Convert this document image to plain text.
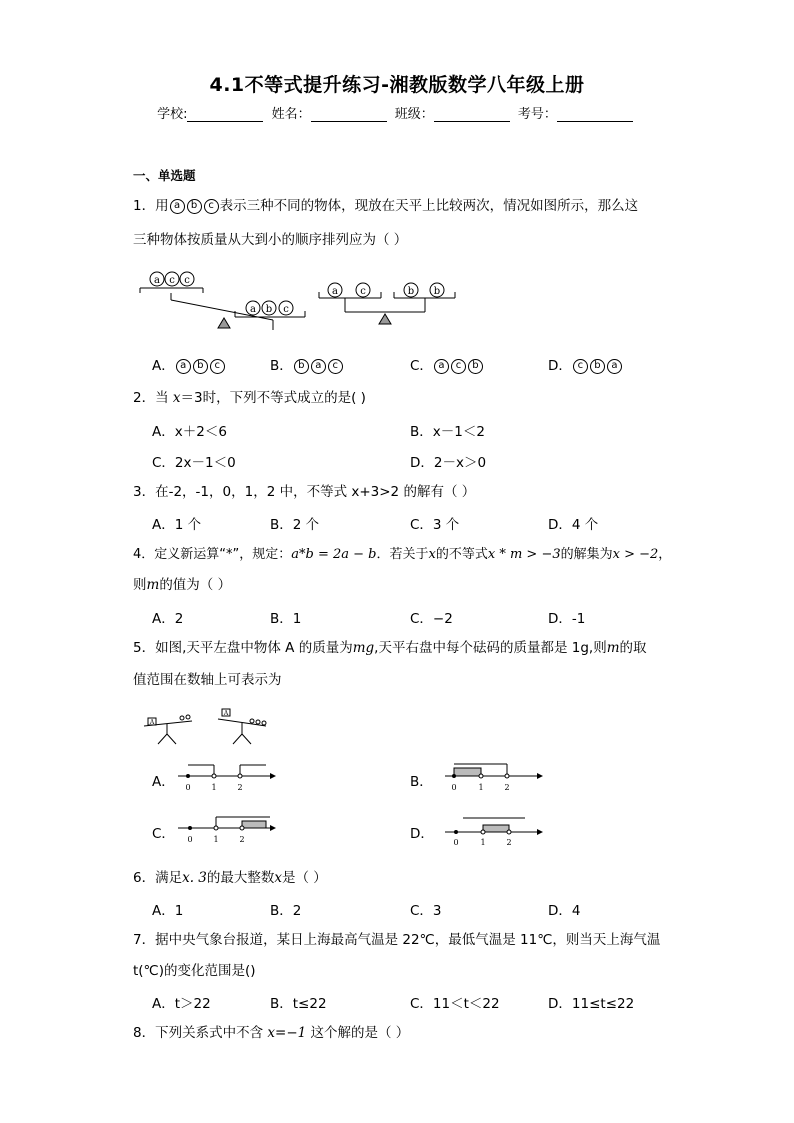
4.1不等式提升练习-湘教版数学八年级上册
学校:	姓名：	班级：	考号：
一、单选题
1．用 a b c 表示三种不同的物体，现放在天平上比较两次，情况如图所示，那么这
三种物体按质量从大到小的顺序排列应为（ ）
a c c
a b c
a c	b b
A． a b c	B． b a c	C． a c b	D． c b a
2．当 x＝3时，下列不等式成立的是( )
A．x＋2＜6	B．x－1＜2
C．2x－1＜0	D．2－x＞0
3．在-2，-1，0，1，2 中，不等式 x+3>2 的解有（ ）
A．1 个	B．2 个	C．3 个	D．4 个
4．定义新运算“*”，规定：a*b = 2a − b．若关于x的不等式x * m > −3的解集为x > −2，
则m的值为（ ）
A．2	B．1	C．−2	D．-1
5．如图,天平左盘中物体 A 的质量为mg,天平右盘中每个砝码的质量都是 1g,则m的取
值范围在数轴上可表示为
A
A
A． 0	1	2	B． 0	1	2
C． 0	1	2	D．
0	1	2
6．满足x. 3的最大整数x是（ ）
A．1	B．2	C．3	D．4
7．据中央气象台报道，某日上海最高气温是 22℃，最低气温是 11℃，则当天上海气温
t(℃)的变化范围是()
A．t＞22	B．t≤22	C．11＜t＜22	D．11≤t≤22
8．下列关系式中不含 x=−1 这个解的是（ ）
